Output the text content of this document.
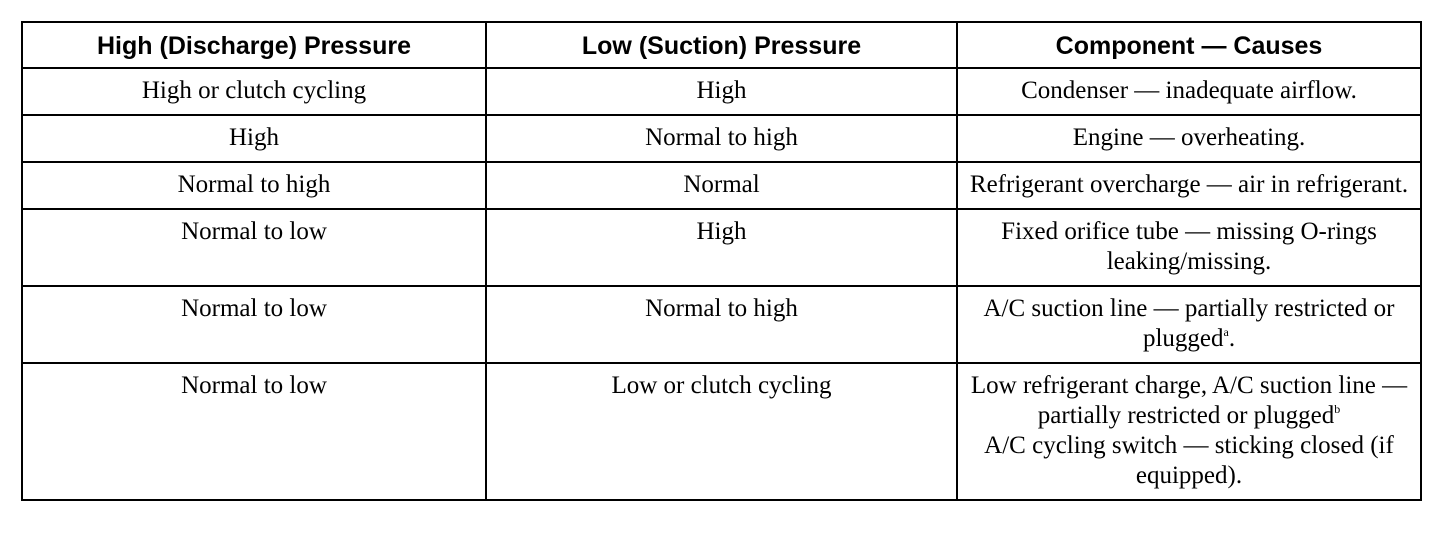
High (Discharge) Pressure	Low (Suction) Pressure	Component — Causes
High or clutch cycling	High	Condenser — inadequate airflow.
High	Normal to high	Engine — overheating.
Normal to high	Normal	Refrigerant overcharge — air in refrigerant.
Normal to low	High	Fixed orifice tube — missing O-rings leaking/missing.
Normal to low	Normal to high	A/C suction line — partially restricted or plugged$^a$.
Normal to low	Low or clutch cycling	Low refrigerant charge, A/C suction line — partially restricted or plugged$^b$
A/C cycling switch — sticking closed (if equipped).
